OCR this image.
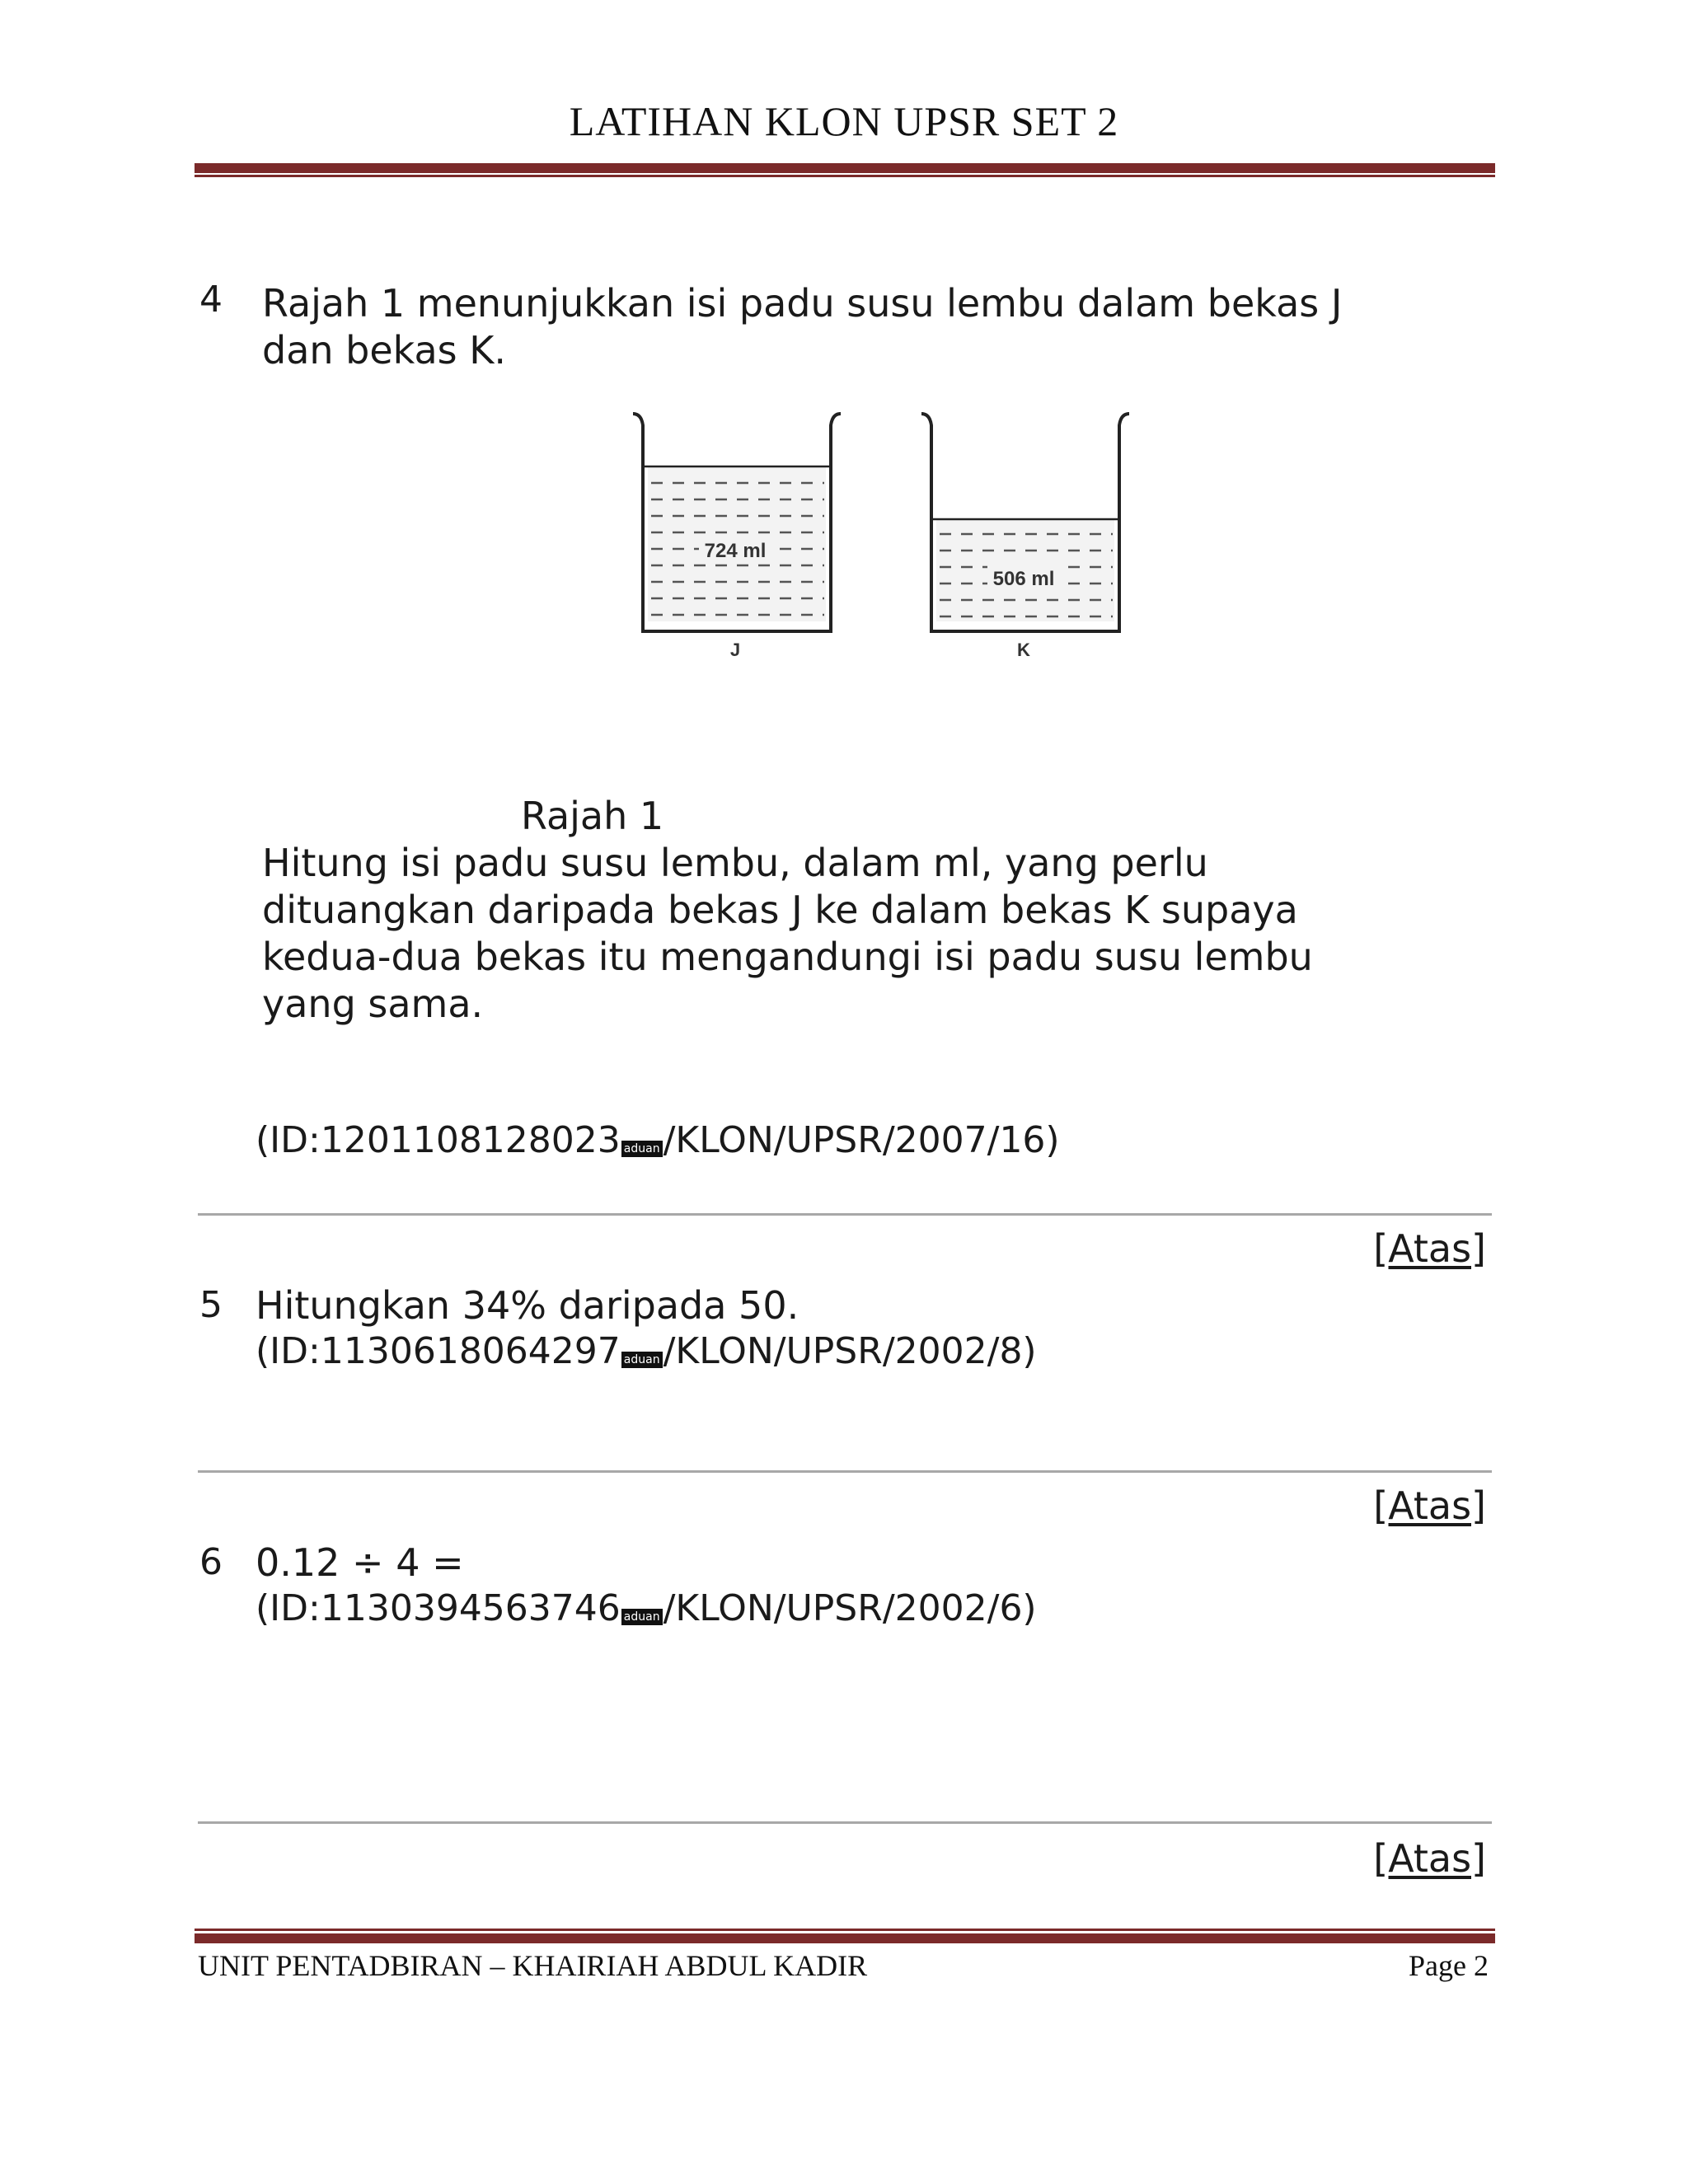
LATIHAN KLON UPSR SET 2
4 Rajah 1 menunjukkan isi padu susu lembu dalam bekas J
dan bekas K.
724 ml
J
506 ml
K
Rajah 1
Hitung isi padu susu lembu, dalam ml, yang perlu
dituangkan daripada bekas J ke dalam bekas K supaya
kedua-dua bekas itu mengandungi isi padu susu lembu
yang sama.
(ID:1201108128023 aduan/KLON/UPSR/2007/16)
[Atas]
5 Hitungkan 34% daripada 50.
(ID:1130618064297 aduan/KLON/UPSR/2002/8)
[Atas]
6 0.12 ÷ 4 =
(ID:1130394563746 aduan/KLON/UPSR/2002/6)
[Atas]
UNIT PENTADBIRAN – KHAIRIAH ABDUL KADIR	Page 2
